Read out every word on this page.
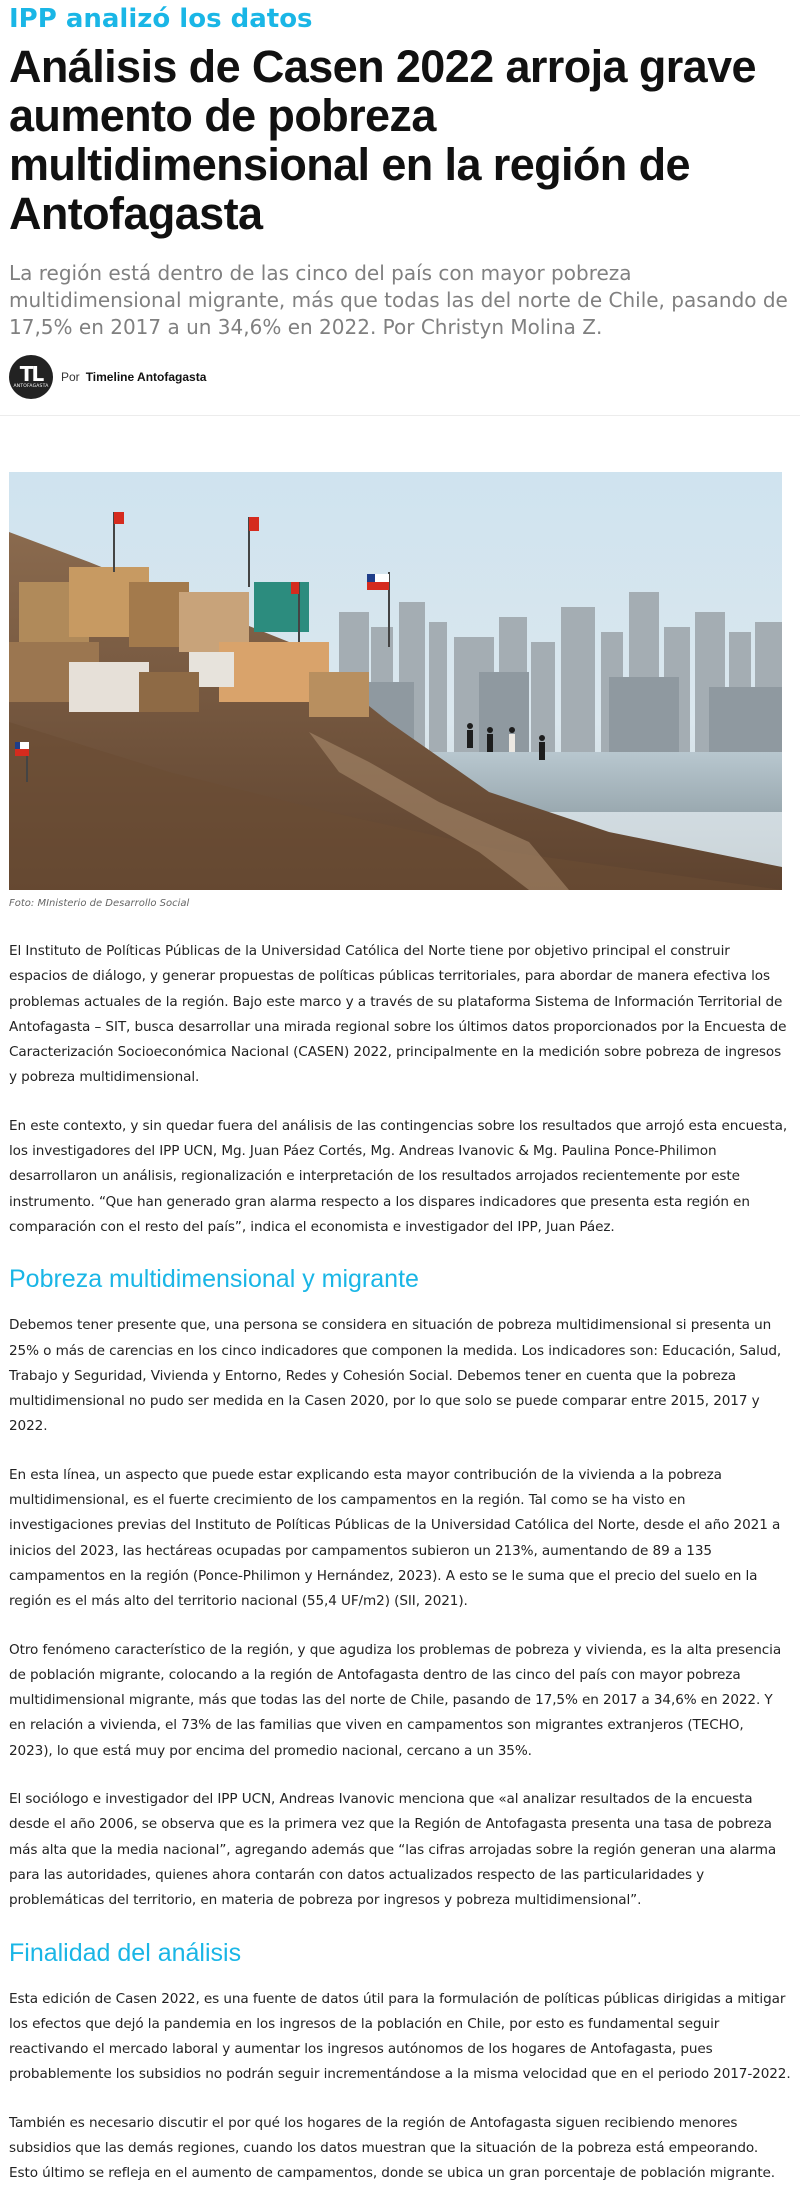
IPP analizó los datos
Análisis de Casen 2022 arroja grave aumento de pobreza multidimensional en la región de Antofagasta
La región está dentro de las cinco del país con mayor pobreza multidimensional migrante, más que todas las del norte de Chile, pasando de 17,5% en 2017 a un 34,6% en 2022. Por Christyn Molina Z.
TL
ANTOFAGASTA
Por Timeline Antofagasta
Foto: MInisterio de Desarrollo Social

El Instituto de Políticas Públicas de la Universidad Católica del Norte tiene por objetivo principal el construir espacios de diálogo, y generar propuestas de políticas públicas territoriales, para abordar de manera efectiva los problemas actuales de la región. Bajo este marco y a través de su plataforma Sistema de Información Territorial de Antofagasta – SIT, busca desarrollar una mirada regional sobre los últimos datos proporcionados por la Encuesta de Caracterización Socioeconómica Nacional (CASEN) 2022, principalmente en la medición sobre pobreza de ingresos y pobreza multidimensional.

En este contexto, y sin quedar fuera del análisis de las contingencias sobre los resultados que arrojó esta encuesta, los investigadores del IPP UCN, Mg. Juan Páez Cortés, Mg. Andreas Ivanovic & Mg. Paulina Ponce-Philimon desarrollaron un análisis, regionalización e interpretación de los resultados arrojados recientemente por este instrumento. “Que han generado gran alarma respecto a los dispares indicadores que presenta esta región en comparación con el resto del país”, indica el economista e investigador del IPP, Juan Páez.

Pobreza multidimensional y migrante

Debemos tener presente que, una persona se considera en situación de pobreza multidimensional si presenta un 25% o más de carencias en los cinco indicadores que componen la medida. Los indicadores son: Educación, Salud, Trabajo y Seguridad, Vivienda y Entorno, Redes y Cohesión Social. Debemos tener en cuenta que la pobreza multidimensional no pudo ser medida en la Casen 2020, por lo que solo se puede comparar entre 2015, 2017 y 2022.

En esta línea, un aspecto que puede estar explicando esta mayor contribución de la vivienda a la pobreza multidimensional, es el fuerte crecimiento de los campamentos en la región. Tal como se ha visto en investigaciones previas del Instituto de Políticas Públicas de la Universidad Católica del Norte, desde el año 2021 a inicios del 2023, las hectáreas ocupadas por campamentos subieron un 213%, aumentando de 89 a 135 campamentos en la región (Ponce-Philimon y Hernández, 2023). A esto se le suma que el precio del suelo en la región es el más alto del territorio nacional (55,4 UF/m2) (SII, 2021).

Otro fenómeno característico de la región, y que agudiza los problemas de pobreza y vivienda, es la alta presencia de población migrante, colocando a la región de Antofagasta dentro de las cinco del país con mayor pobreza multidimensional migrante, más que todas las del norte de Chile, pasando de 17,5% en 2017 a 34,6% en 2022. Y en relación a vivienda, el 73% de las familias que viven en campamentos son migrantes extranjeros (TECHO, 2023), lo que está muy por encima del promedio nacional, cercano a un 35%.

El sociólogo e investigador del IPP UCN, Andreas Ivanovic menciona que «al analizar resultados de la encuesta desde el año 2006, se observa que es la primera vez que la Región de Antofagasta presenta una tasa de pobreza más alta que la media nacional”, agregando además que “las cifras arrojadas sobre la región generan una alarma para las autoridades, quienes ahora contarán con datos actualizados respecto de las particularidades y problemáticas del territorio, en materia de pobreza por ingresos y pobreza multidimensional”.

Finalidad del análisis

Esta edición de Casen 2022, es una fuente de datos útil para la formulación de políticas públicas dirigidas a mitigar los efectos que dejó la pandemia en los ingresos de la población en Chile, por esto es fundamental seguir reactivando el mercado laboral y aumentar los ingresos autónomos de los hogares de Antofagasta, pues probablemente los subsidios no podrán seguir incrementándose a la misma velocidad que en el periodo 2017-2022.

También es necesario discutir el por qué los hogares de la región de Antofagasta siguen recibiendo menores subsidios que las demás regiones, cuando los datos muestran que la situación de la pobreza está empeorando. Esto último se refleja en el aumento de campamentos, donde se ubica un gran porcentaje de población migrante.
